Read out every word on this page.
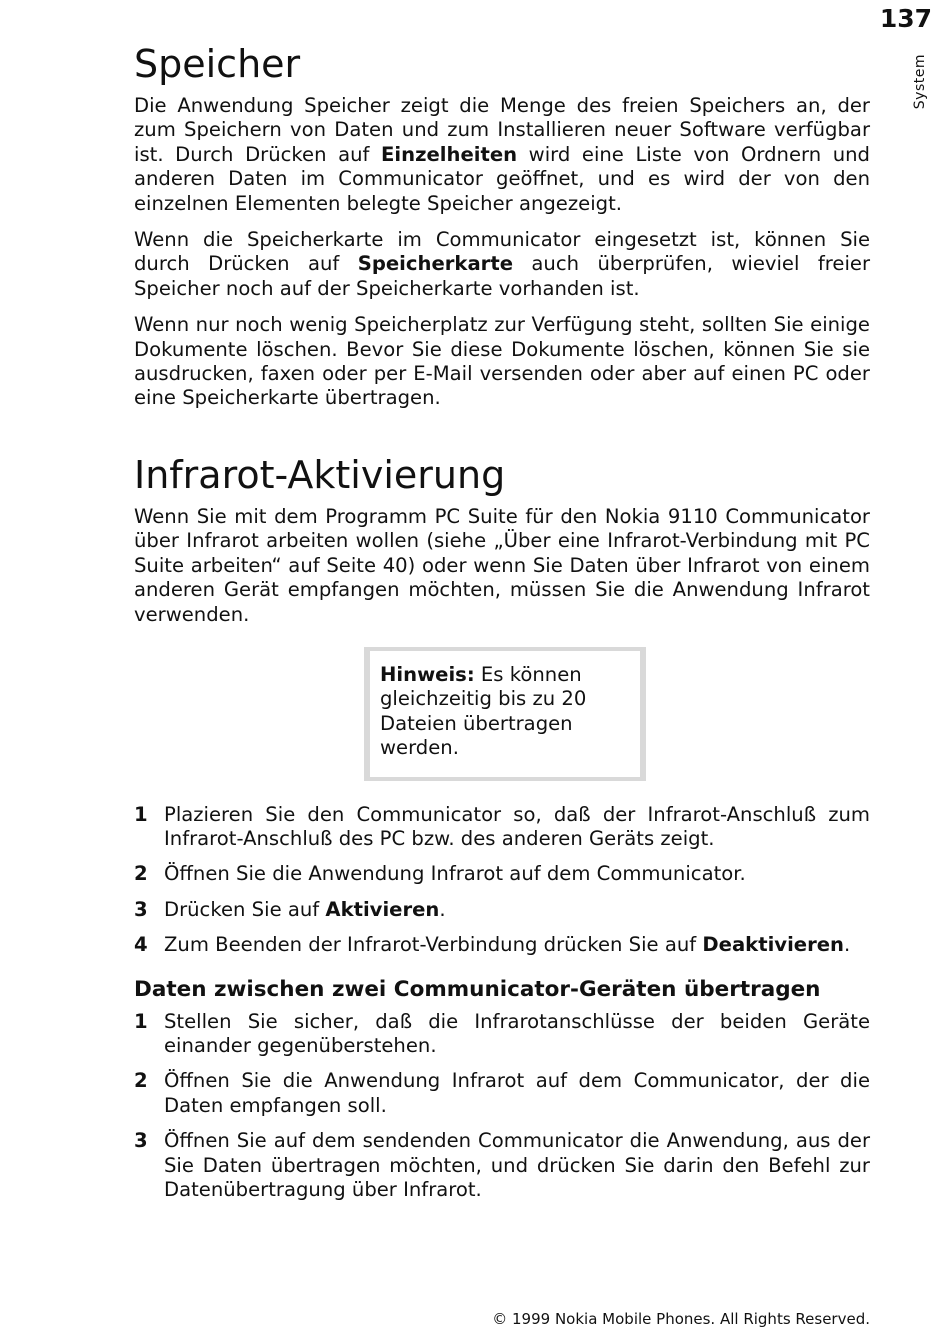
137
System
Speicher

Die Anwendung Speicher zeigt die Menge des freien Speichers an, der zum Speichern von Daten und zum Installieren neuer Software verfügbar ist. Durch Drücken auf Einzelheiten wird eine Liste von Ordnern und anderen Daten im Communicator geöffnet, und es wird der von den einzelnen Elementen belegte Speicher angezeigt.

Wenn die Speicherkarte im Communicator eingesetzt ist, können Sie durch Drücken auf Speicherkarte auch überprüfen, wieviel freier Speicher noch auf der Speicherkarte vorhanden ist.

Wenn nur noch wenig Speicherplatz zur Verfügung steht, sollten Sie einige Dokumente löschen. Bevor Sie diese Dokumente löschen, können Sie sie ausdrucken, faxen oder per E-Mail versenden oder aber auf einen PC oder eine Speicherkarte übertragen.

Infrarot-Aktivierung

Wenn Sie mit dem Programm PC Suite für den Nokia 9110 Communicator über Infrarot arbeiten wollen (siehe „Über eine Infrarot-Verbindung mit PC Suite arbeiten“ auf Seite 40) oder wenn Sie Daten über Infrarot von einem anderen Gerät empfangen möchten, müssen Sie die Anwendung Infrarot verwenden.

Hinweis: Es können gleichzeitig bis zu 20 Dateien übertragen werden.
1 Plazieren Sie den Communicator so, daß der Infrarot-Anschluß zum Infrarot-Anschluß des PC bzw. des anderen Geräts zeigt.
2 Öffnen Sie die Anwendung Infrarot auf dem Communicator.
3 Drücken Sie auf Aktivieren.
4 Zum Beenden der Infrarot-Verbindung drücken Sie auf Deaktivieren.
Daten zwischen zwei Communicator-Geräten übertragen
1 Stellen Sie sicher, daß die Infrarotanschlüsse der beiden Geräte einander gegenüberstehen.
2 Öffnen Sie die Anwendung Infrarot auf dem Communicator, der die Daten empfangen soll.
3 Öffnen Sie auf dem sendenden Communicator die Anwendung, aus der Sie Daten übertragen möchten, und drücken Sie darin den Befehl zur Datenübertragung über Infrarot.
© 1999 Nokia Mobile Phones. All Rights Reserved.
